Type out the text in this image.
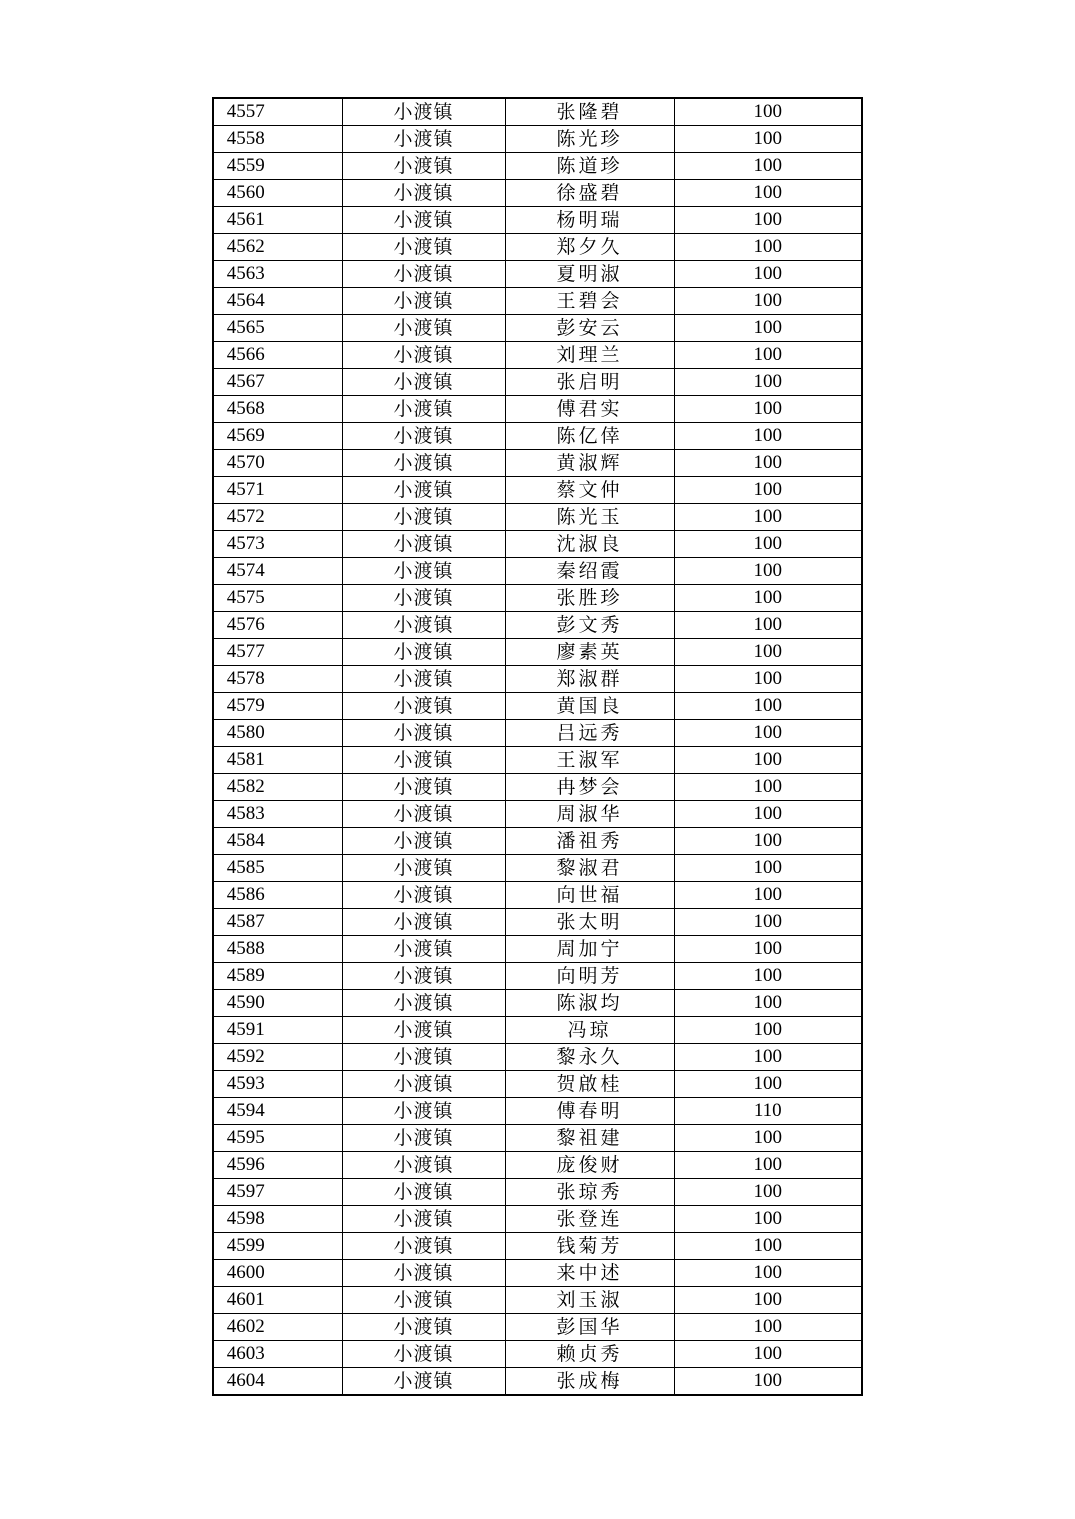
4557	小渡镇	张隆碧	100
4558	小渡镇	陈光珍	100
4559	小渡镇	陈道珍	100
4560	小渡镇	徐盛碧	100
4561	小渡镇	杨明瑞	100
4562	小渡镇	郑夕久	100
4563	小渡镇	夏明淑	100
4564	小渡镇	王碧会	100
4565	小渡镇	彭安云	100
4566	小渡镇	刘理兰	100
4567	小渡镇	张启明	100
4568	小渡镇	傅君实	100
4569	小渡镇	陈亿倖	100
4570	小渡镇	黄淑辉	100
4571	小渡镇	蔡文仲	100
4572	小渡镇	陈光玉	100
4573	小渡镇	沈淑良	100
4574	小渡镇	秦绍霞	100
4575	小渡镇	张胜珍	100
4576	小渡镇	彭文秀	100
4577	小渡镇	廖素英	100
4578	小渡镇	郑淑群	100
4579	小渡镇	黄国良	100
4580	小渡镇	吕远秀	100
4581	小渡镇	王淑军	100
4582	小渡镇	冉梦会	100
4583	小渡镇	周淑华	100
4584	小渡镇	潘祖秀	100
4585	小渡镇	黎淑君	100
4586	小渡镇	向世福	100
4587	小渡镇	张太明	100
4588	小渡镇	周加宁	100
4589	小渡镇	向明芳	100
4590	小渡镇	陈淑均	100
4591	小渡镇	冯琼	100
4592	小渡镇	黎永久	100
4593	小渡镇	贺啟桂	100
4594	小渡镇	傅春明	110
4595	小渡镇	黎祖建	100
4596	小渡镇	庞俊财	100
4597	小渡镇	张琼秀	100
4598	小渡镇	张登连	100
4599	小渡镇	钱菊芳	100
4600	小渡镇	来中述	100
4601	小渡镇	刘玉淑	100
4602	小渡镇	彭国华	100
4603	小渡镇	赖贞秀	100
4604	小渡镇	张成梅	100
